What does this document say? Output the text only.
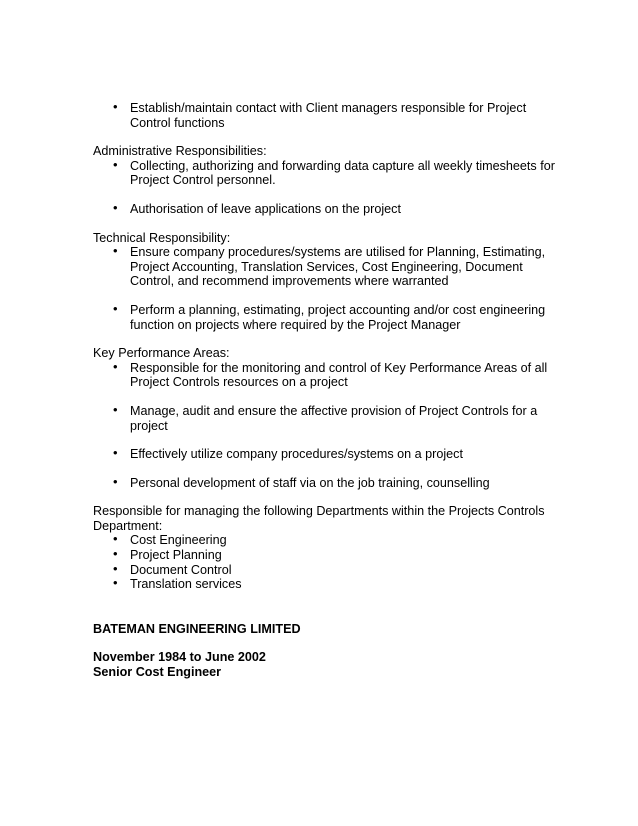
• Establish/maintain contact with Client managers responsible for Project Control functions

Administrative Responsibilities:

• Collecting, authorizing and forwarding data capture all weekly timesheets for Project Control personnel.
• Authorisation of leave applications on the project

Technical Responsibility:

• Ensure company procedures/systems are utilised for Planning, Estimating, Project Accounting, Translation Services, Cost Engineering, Document Control, and recommend improvements where warranted
• Perform a planning, estimating, project accounting and/or cost engineering function on projects where required by the Project Manager

Key Performance Areas:

• Responsible for the monitoring and control of Key Performance Areas of all Project Controls resources on a project
• Manage, audit and ensure the affective provision of Project Controls for a project
• Effectively utilize company procedures/systems on a project
• Personal development of staff via on the job training, counselling

Responsible for managing the following Departments within the Projects Controls Department:

• Cost Engineering
• Project Planning
• Document Control
• Translation services

BATEMAN ENGINEERING LIMITED

November 1984 to June 2002

Senior Cost Engineer
